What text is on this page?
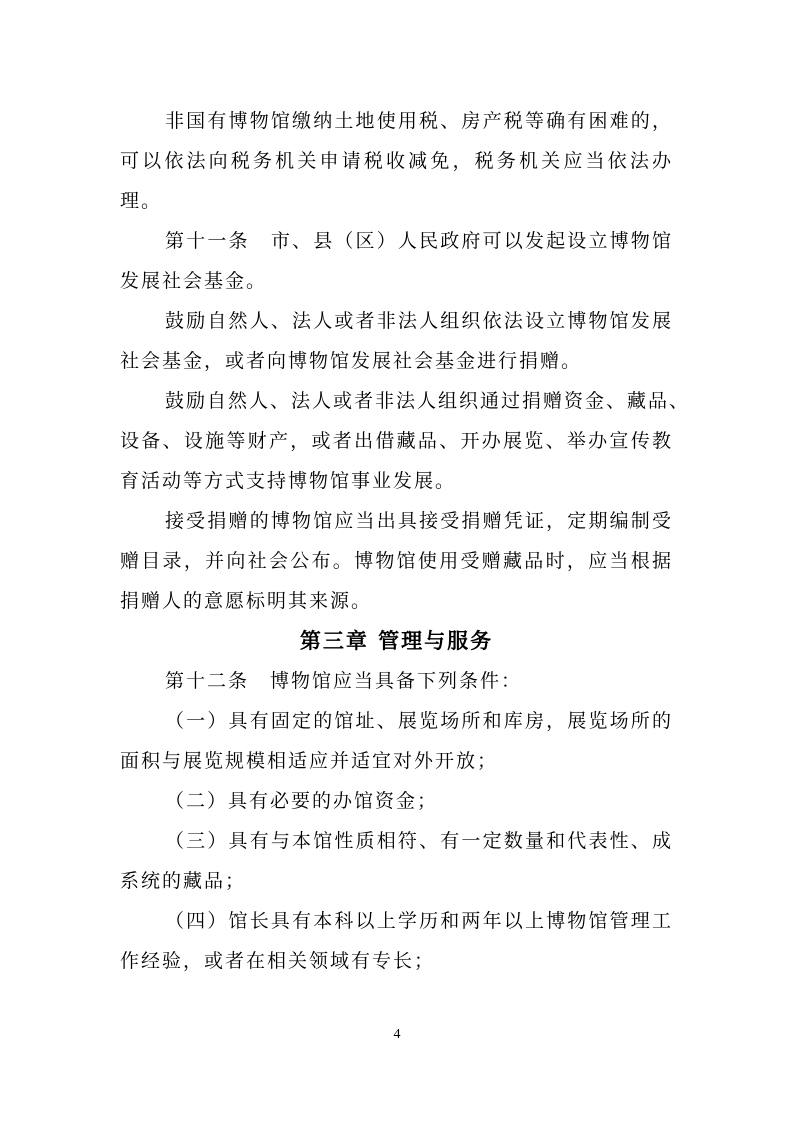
非国有博物馆缴纳土地使用税、房产税等确有困难的，
可以依法向税务机关申请税收减免，税务机关应当依法办
理。
第十一条　市、县（区）人民政府可以发起设立博物馆
发展社会基金。
鼓励自然人、法人或者非法人组织依法设立博物馆发展
社会基金，或者向博物馆发展社会基金进行捐赠。
鼓励自然人、法人或者非法人组织通过捐赠资金、藏品、
设备、设施等财产，或者出借藏品、开办展览、举办宣传教
育活动等方式支持博物馆事业发展。
接受捐赠的博物馆应当出具接受捐赠凭证，定期编制受
赠目录，并向社会公布。博物馆使用受赠藏品时，应当根据
捐赠人的意愿标明其来源。
第三章 管理与服务
第十二条　博物馆应当具备下列条件：
（一）具有固定的馆址、展览场所和库房，展览场所的
面积与展览规模相适应并适宜对外开放；
（二）具有必要的办馆资金；
（三）具有与本馆性质相符、有一定数量和代表性、成
系统的藏品；
（四）馆长具有本科以上学历和两年以上博物馆管理工
作经验，或者在相关领域有专长；
4
